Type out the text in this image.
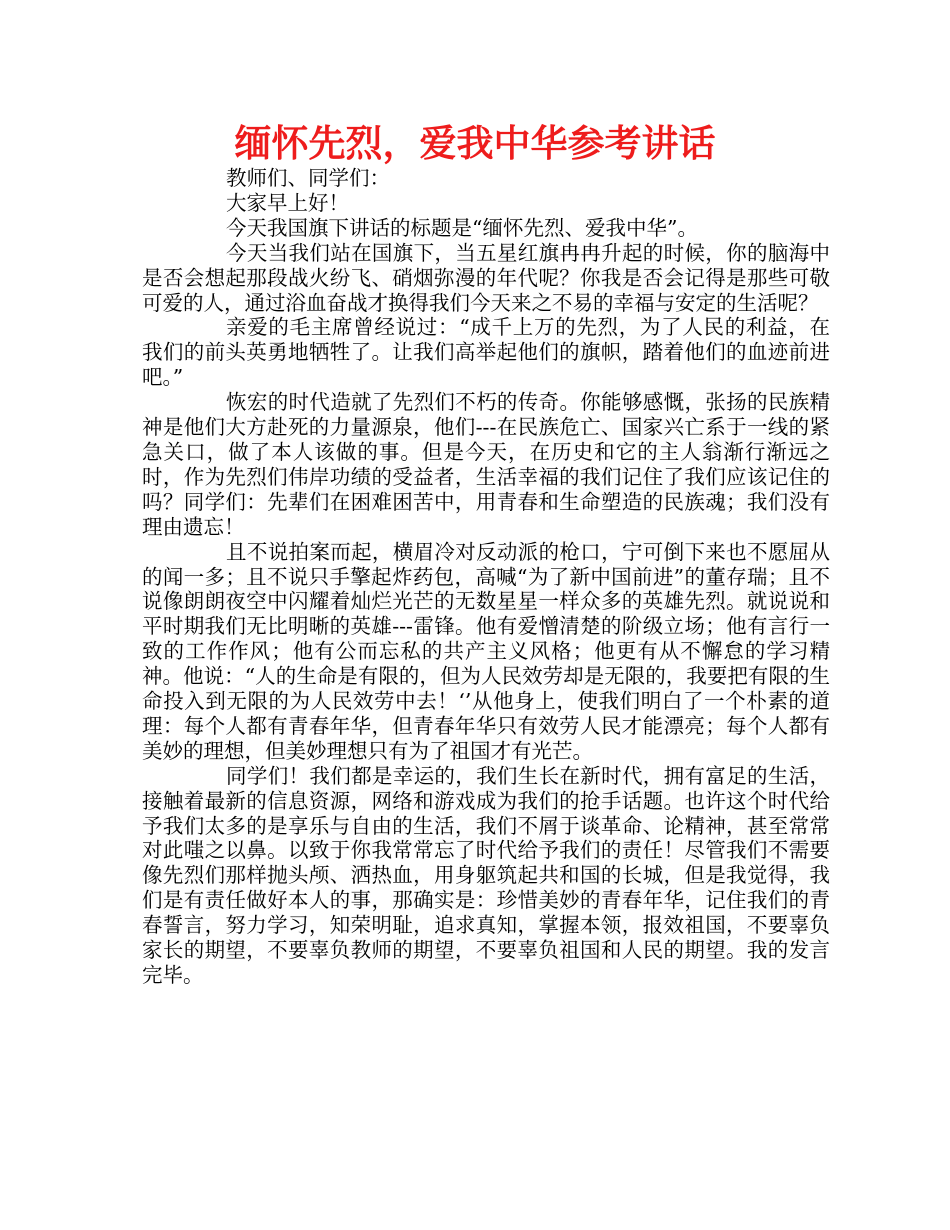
缅怀先烈，爱我中华参考讲话

教师们、同学们：

大家早上好！

今天我国旗下讲话的标题是“缅怀先烈、爱我中华”。

今天当我们站在国旗下，当五星红旗冉冉升起的时候，你的脑海中是否会想起那段战火纷飞、硝烟弥漫的年代呢？你我是否会记得是那些可敬可爱的人，通过浴血奋战才换得我们今天来之不易的幸福与安定的生活呢？

亲爱的毛主席曾经说过：“成千上万的先烈，为了人民的利益，在我们的前头英勇地牺牲了。让我们高举起他们的旗帜，踏着他们的血迹前进吧。”

恢宏的时代造就了先烈们不朽的传奇。你能够感慨，张扬的民族精神是他们大方赴死的力量源泉，他们---在民族危亡、国家兴亡系于一线的紧急关口，做了本人该做的事。但是今天，在历史和它的主人翁渐行渐远之时，作为先烈们伟岸功绩的受益者，生活幸福的我们记住了我们应该记住的吗？同学们：先辈们在困难困苦中，用青春和生命塑造的民族魂；我们没有理由遗忘！

且不说拍案而起，横眉冷对反动派的枪口，宁可倒下来也不愿屈从的闻一多；且不说只手擎起炸药包，高喊“为了新中国前进”的董存瑞；且不说像朗朗夜空中闪耀着灿烂光芒的无数星星一样众多的英雄先烈。就说说和平时期我们无比明晰的英雄---雷锋。他有爱憎清楚的阶级立场；他有言行一致的工作作风；他有公而忘私的共产主义风格；他更有从不懈怠的学习精神。他说：“人的生命是有限的，但为人民效劳却是无限的，我要把有限的生命投入到无限的为人民效劳中去！‘’从他身上，使我们明白了一个朴素的道理：每个人都有青春年华，但青春年华只有效劳人民才能漂亮；每个人都有美妙的理想，但美妙理想只有为了祖国才有光芒。

同学们！我们都是幸运的，我们生长在新时代，拥有富足的生活，接触着最新的信息资源，网络和游戏成为我们的抢手话题。也许这个时代给予我们太多的是享乐与自由的生活，我们不屑于谈革命、论精神，甚至常常对此嗤之以鼻。以致于你我常常忘了时代给予我们的责任！尽管我们不需要像先烈们那样抛头颅、洒热血，用身躯筑起共和国的长城，但是我觉得，我们是有责任做好本人的事，那确实是：珍惜美妙的青春年华，记住我们的青春誓言，努力学习，知荣明耻，追求真知，掌握本领，报效祖国，不要辜负家长的期望，不要辜负教师的期望，不要辜负祖国和人民的期望。我的发言完毕。
